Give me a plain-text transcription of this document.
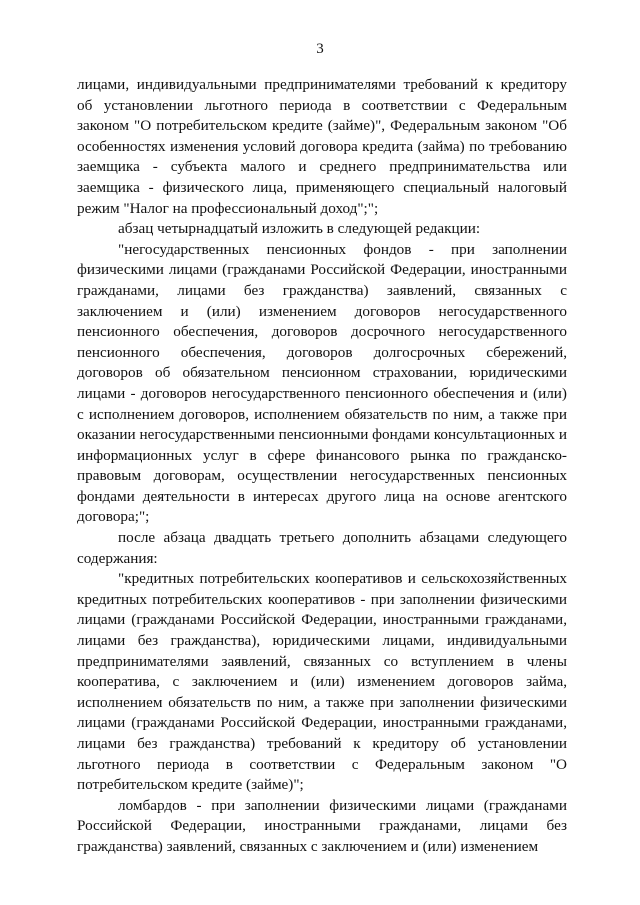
3

лицами, индивидуальными предпринимателями требований к кредитору об установлении льготного периода в соответствии с Федеральным законом "О потребительском кредите (займе)", Федеральным законом "Об особенностях изменения условий договора кредита (займа) по требованию заемщика - субъекта малого и среднего предпринимательства или заемщика - физического лица, применяющего специальный налоговый режим "Налог на профессиональный доход";";

абзац четырнадцатый изложить в следующей редакции:

"негосударственных пенсионных фондов - при заполнении физическими лицами (гражданами Российской Федерации, иностранными гражданами, лицами без гражданства) заявлений, связанных с заключением и (или) изменением договоров негосударственного пенсионного обеспечения, договоров досрочного негосударственного пенсионного обеспечения, договоров долгосрочных сбережений, договоров об обязательном пенсионном страховании, юридическими лицами - договоров негосударственного пенсионного обеспечения и (или) с исполнением договоров, исполнением обязательств по ним, а также при оказании негосударственными пенсионными фондами консультационных и информационных услуг в сфере финансового рынка по гражданско-правовым договорам, осуществлении негосударственных пенсионных фондами деятельности в интересах другого лица на основе агентского договора;";

после абзаца двадцать третьего дополнить абзацами следующего содержания:

"кредитных потребительских кооперативов и сельскохозяйственных кредитных потребительских кооперативов - при заполнении физическими лицами (гражданами Российской Федерации, иностранными гражданами, лицами без гражданства), юридическими лицами, индивидуальными предпринимателями заявлений, связанных со вступлением в члены кооператива, с заключением и (или) изменением договоров займа, исполнением обязательств по ним, а также при заполнении физическими лицами (гражданами Российской Федерации, иностранными гражданами, лицами без гражданства) требований к кредитору об установлении льготного периода в соответствии с Федеральным законом "О потребительском кредите (займе)";

ломбардов - при заполнении физическими лицами (гражданами Российской Федерации, иностранными гражданами, лицами без гражданства) заявлений, связанных с заключением и (или) изменением
